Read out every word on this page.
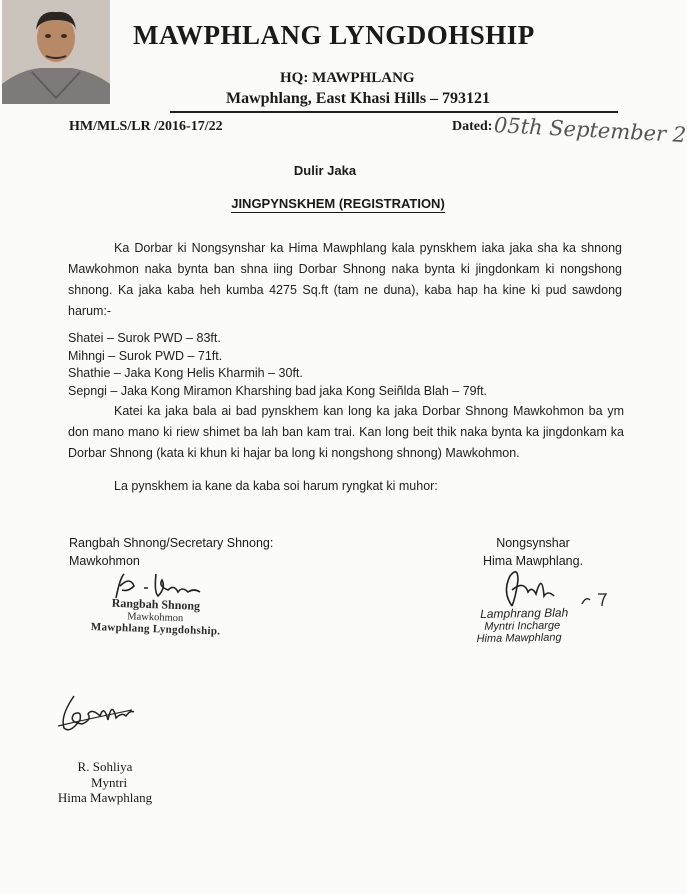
MAWPHLANG LYNGDOHSHIP
HQ: MAWPHLANG
Mawphlang, East Khasi Hills – 793121
HM/MLS/LR /2016-17/22	Dated: 05th September 2
Dulir Jaka
JINGPYNSKHEM (REGISTRATION)
Ka Dorbar ki Nongsynshar ka Hima Mawphlang kala pynskhem iaka jaka sha ka shnong Mawkohmon naka bynta ban shna iing Dorbar Shnong naka bynta ki jingdonkam ki nongshong shnong. Ka jaka kaba heh kumba 4275 Sq.ft (tam ne duna), kaba hap ha kine ki pud sawdong harum:-
Shatei – Surok PWD – 83ft.
Mihngi – Surok PWD – 71ft.
Shathie – Jaka Kong Helis Kharmih – 30ft.
Sepngi – Jaka Kong Miramon Kharshing bad jaka Kong Seiñlda Blah – 79ft.
Katei ka jaka bala ai bad pynskhem kan long ka jaka Dorbar Shnong Mawkohmon ba ym don mano mano ki riew shimet ba lah ban kam trai. Kan long beit thik naka bynta ka jingdonkam ka Dorbar Shnong (kata ki khun ki hajar ba long ki nongshong shnong) Mawkohmon.
La pynskhem ia kane da kaba soi harum ryngkat ki muhor:
Rangbah Shnong/Secretary Shnong:
Mawkohmon
Rangbah Shnong
Mawkohmon
Mawphlang Lyngdohship.
Nongsynshar
Hima Mawphlang.
Lamphrang Blah
Myntri Incharge
Hima Mawphlang
R. Sohliya
Myntri
Hima Mawphlang
